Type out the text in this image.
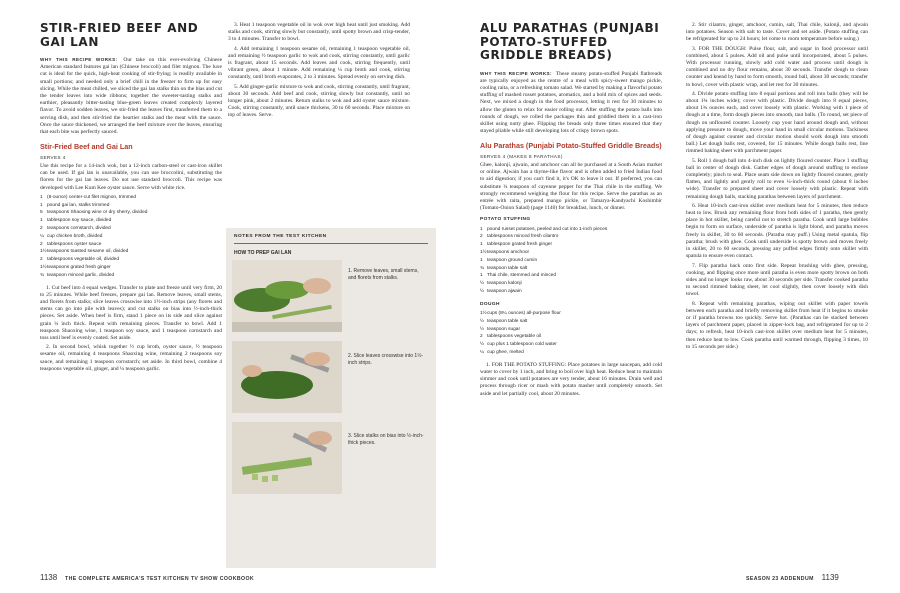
STIR-FRIED BEEF AND GAI LAN

WHY THIS RECIPE WORKS: Our take on this ever-evolving Chinese American standard features gai lan (Chinese broccoli) and filet mignon. The luxe cut is ideal for the quick, high-heat cooking of stir-frying; is readily available in small portions; and needed only a brief chill in the freezer to firm up for easy slicing. While the meat chilled, we sliced the gai lan stalks thin on the bias and cut the tender leaves into wide ribbons; together the sweeter-tasting stalks and earthier, pleasantly bitter-tasting blue-green leaves created complexly layered flavor. To avoid sodden leaves, we stir-fried the leaves first, transferred them to a serving dish, and then stir-fried the heartier stalks and the meat with the sauce. Once the sauce thickened, we arranged the beef mixture over the leaves, ensuring that each bite was perfectly sauced.

Stir-Fried Beef and Gai Lan
SERVES 4

Use this recipe for a 14-inch wok, but a 12-inch carbon-steel or cast-iron skillet can be used. If gai lan is unavailable, you can use broccolini, substituting the florets for the gai lan leaves. Do not use standard broccoli. This recipe was developed with Lee Kum Kee oyster sauce. Serve with white rice.

1 (8-ounce) center-cut filet mignon, trimmed
1 pound gai lan, stalks trimmed
5 teaspoons Shaoxing wine or dry sherry, divided
1 tablespoon soy sauce, divided
2 teaspoons cornstarch, divided
¼ cup chicken broth, divided
2 tablespoons oyster sauce
1½ teaspoons toasted sesame oil, divided
2 tablespoons vegetable oil, divided
1½ teaspoons grated fresh ginger
¾ teaspoon minced garlic, divided

1. Cut beef into 4 equal wedges. Transfer to plate and freeze until very firm, 20 to 25 minutes. While beef freezes, prepare gai lan. Remove leaves, small stems, and florets from stalks; slice leaves crosswise into 1½-inch strips (any florets and stems can go into pile with leaves); and cut stalks on bias into ½-inch-thick pieces. Set aside. When beef is firm, stand 1 piece on its side and slice against grain ¼ inch thick. Repeat with remaining pieces. Transfer to bowl. Add 1 teaspoon Shaoxing wine, 1 teaspoon soy sauce, and 1 teaspoon cornstarch and toss until beef is evenly coated. Set aside.

2. In second bowl, whisk together ½ cup broth, oyster sauce, ½ teaspoon sesame oil, remaining 4 teaspoons Shaoxing wine, remaining 2 teaspoons soy sauce, and remaining 1 teaspoon cornstarch; set aside. In third bowl, combine 4 teaspoons vegetable oil, ginger, and ¼ teaspoon garlic.

3. Heat 1 teaspoon vegetable oil in wok over high heat until just smoking. Add stalks and cook, stirring slowly but constantly, until spotty brown and crisp-tender, 3 to 4 minutes. Transfer to bowl.

4. Add remaining 1 teaspoon sesame oil, remaining 1 teaspoon vegetable oil, and remaining ½ teaspoon garlic to wok and cook, stirring constantly, until garlic is fragrant, about 15 seconds. Add leaves and cook, stirring frequently, until vibrant green, about 1 minute. Add remaining ¼ cup broth and cook, stirring constantly, until broth evaporates, 2 to 3 minutes. Spread evenly on serving dish.

5. Add ginger-garlic mixture to wok and cook, stirring constantly, until fragrant, about 30 seconds. Add beef and cook, stirring slowly but constantly, until no longer pink, about 2 minutes. Return stalks to wok and add oyster sauce mixture. Cook, stirring constantly, until sauce thickens, 30 to 60 seconds. Place mixture on top of leaves. Serve.

NOTES FROM THE TEST KITCHEN
HOW TO PREP GAI LAN
1. Remove leaves, small stems, and florets from stalks.
2. Slice leaves crosswise into 1½-inch strips.
3. Slice stalks on bias into ½-inch-thick pieces.
1138 THE COMPLETE AMERICA'S TEST KITCHEN TV SHOW COOKBOOK
ALU PARATHAS (PUNJABI POTATO-STUFFED GRIDDLE BREADS)

WHY THIS RECIPE WORKS: These steamy potato-stuffed Punjabi flatbreads are typically enjoyed as the centre of a meal with spicy-sweet mango pickle, cooling raita, or a refreshing tomato salad. We started by making a flavorful potato stuffing of mashed russet potatoes, aromatics, and a bold mix of spices and seeds. Next, we mixed a dough in the food processor, letting it rest for 30 minutes to allow the gluten to relax for easier rolling out. After stuffing the potato balls into rounds of dough, we rolled the packages thin and griddled them in a cast-iron skillet using nutty ghee. Flipping the breads only three times ensured that they stayed pliable while still developing lots of crispy brown spots.

Alu Parathas (Punjabi Potato-Stuffed Griddle Breads)
SERVES 4 (MAKES 8 PARATHAS)

Ghee, kalonji, ajwain, and amchoor can all be purchased at a South Asian market or online. Ajwain has a thyme-like flavor and is often added to fried Indian food to aid digestion; if you can't find it, it's OK to leave it out. If preferred, you can substitute ¼ teaspoon of cayenne pepper for the Thai chile in the stuffing. We strongly recommend weighing the flour for this recipe. Serve the parathas as an entrée with raita, prepared mango pickle, or Tamarya-Kandyachi Koshimbir (Tomato-Onion Salad) (page 1140) for breakfast, lunch, or dinner.

POTATO STUFFING
1 pound russet potatoes, peeled and cut into 1-inch pieces
2 tablespoons minced fresh cilantro
1 tablespoon grated fresh ginger
1½ teaspoons amchoor
1 teaspoon ground cumin
¾ teaspoon table salt
1 Thai chile, stemmed and minced
½ teaspoon kalonji
½ teaspoon ajwain
DOUGH
1½ cups (8¼ ounces) all-purpose flour
½ teaspoon table salt
½ teaspoon sugar
2 tablespoons vegetable oil
½ cup plus 1 tablespoon cold water
¼ cup ghee, melted

1. FOR THE POTATO STUFFING: Place potatoes in large saucepan, add cold water to cover by 1 inch, and bring to boil over high heat. Reduce heat to maintain simmer and cook until potatoes are very tender, about 16 minutes. Drain well and process through ricer or mash with potato masher until completely smooth. Set aside and let partially cool, about 20 minutes.

2. Stir cilantro, ginger, amchoor, cumin, salt, Thai chile, kalonji, and ajwain into potatoes. Season with salt to taste. Cover and set aside. (Potato stuffing can be refrigerated for up to 24 hours; let come to room temperature before using.)

3. FOR THE DOUGH: Pulse flour, salt, and sugar in food processor until combined, about 5 pulses. Add oil and pulse until incorporated, about 5 pulses. With processor running, slowly add cold water and process until dough is combined and no dry flour remains, about 30 seconds. Transfer dough to clean counter and knead by hand to form smooth, round ball, about 30 seconds; transfer to bowl, cover with plastic wrap, and let rest for 30 minutes.

4. Divide potato stuffing into 8 equal portions and roll into balls (they will be about 1¾ inches wide); cover with plastic. Divide dough into 8 equal pieces, about 1¾ ounces each, and cover loosely with plastic. Working with 1 piece of dough at a time, form dough pieces into smooth, taut balls. (To round, set piece of dough on unfloured counter. Loosely cup your hand around dough and, without applying pressure to dough, move your hand in small circular motions. Tackiness of dough against counter and circular motion should work dough into smooth ball.) Let dough balls rest, covered, for 15 minutes. While dough balls rest, line rimmed baking sheet with parchment paper.

5. Roll 1 dough ball into 4-inch disk on lightly floured counter. Place 1 stuffing ball in center of dough disk. Gather edges of dough around stuffing to enclose completely; pinch to seal. Place seam side down on lightly floured counter, gently flatten, and lightly and gently roll to even ¼-inch-thick round (about 8 inches wide). Transfer to prepared sheet and cover loosely with plastic. Repeat with remaining dough balls, stacking parathas between layers of parchment.

6. Heat 10-inch cast-iron skillet over medium heat for 5 minutes, then reduce heat to low. Brush any remaining flour from both sides of 1 paratha, then gently place in hot skillet, being careful not to stretch paratha. Cook until large bubbles begin to form on surface, underside of paratha is light blond, and paratha moves freely in skillet, 30 to 60 seconds. (Paratha may puff.) Using metal spatula, flip paratha; brush with ghee. Cook until underside is spotty brown and moves freely in skillet, 20 to 60 seconds, pressing any puffed edges firmly onto skillet with spatula to ensure even contact.

7. Flip paratha back onto first side. Repeat brushing with ghee, pressing, cooking, and flipping once more until paratha is even more spotty brown on both sides and no longer looks raw, about 30 seconds per side. Transfer cooked paratha to second rimmed baking sheet, let cool slightly, then cover loosely with dish towel.

8. Repeat with remaining parathas, wiping out skillet with paper towels between each paratha and briefly removing skillet from heat if it begins to smoke or if paratha browns too quickly. Serve hot. (Parathas can be stacked between layers of parchment paper, placed in zipper-lock bag, and refrigerated for up to 2 days; to refresh, heat 10-inch cast-iron skillet over medium heat for 5 minutes, then reduce heat to low. Cook paratha until warmed through, flipping 3 times, 10 to 15 seconds per side.)

SEASON 23 ADDENDUM 1139
